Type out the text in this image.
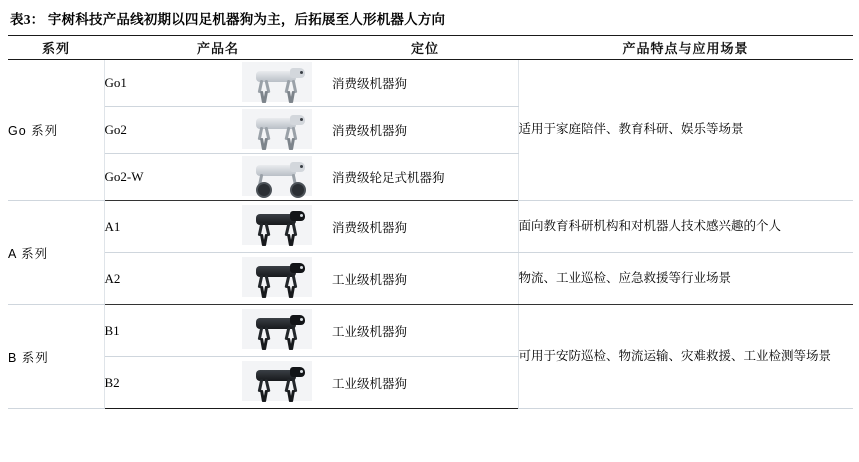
表3： 宇树科技产品线初期以四足机器狗为主，后拓展至人形机器人方向
系列	产品名		定位	产品特点与应用场景
Go 系列	Go1		消费级机器狗	适用于家庭陪伴、教育科研、娱乐等场景
	Go2		消费级机器狗	
	Go2-W		消费级轮足式机器狗	
A 系列	A1		消费级机器狗	面向教育科研机构和对机器人技术感兴趣的个人
	A2		工业级机器狗	物流、工业巡检、应急救援等行业场景
B 系列	B1		工业级机器狗	可用于安防巡检、物流运输、灾难救援、工业检测等场景
	B2		工业级机器狗	
